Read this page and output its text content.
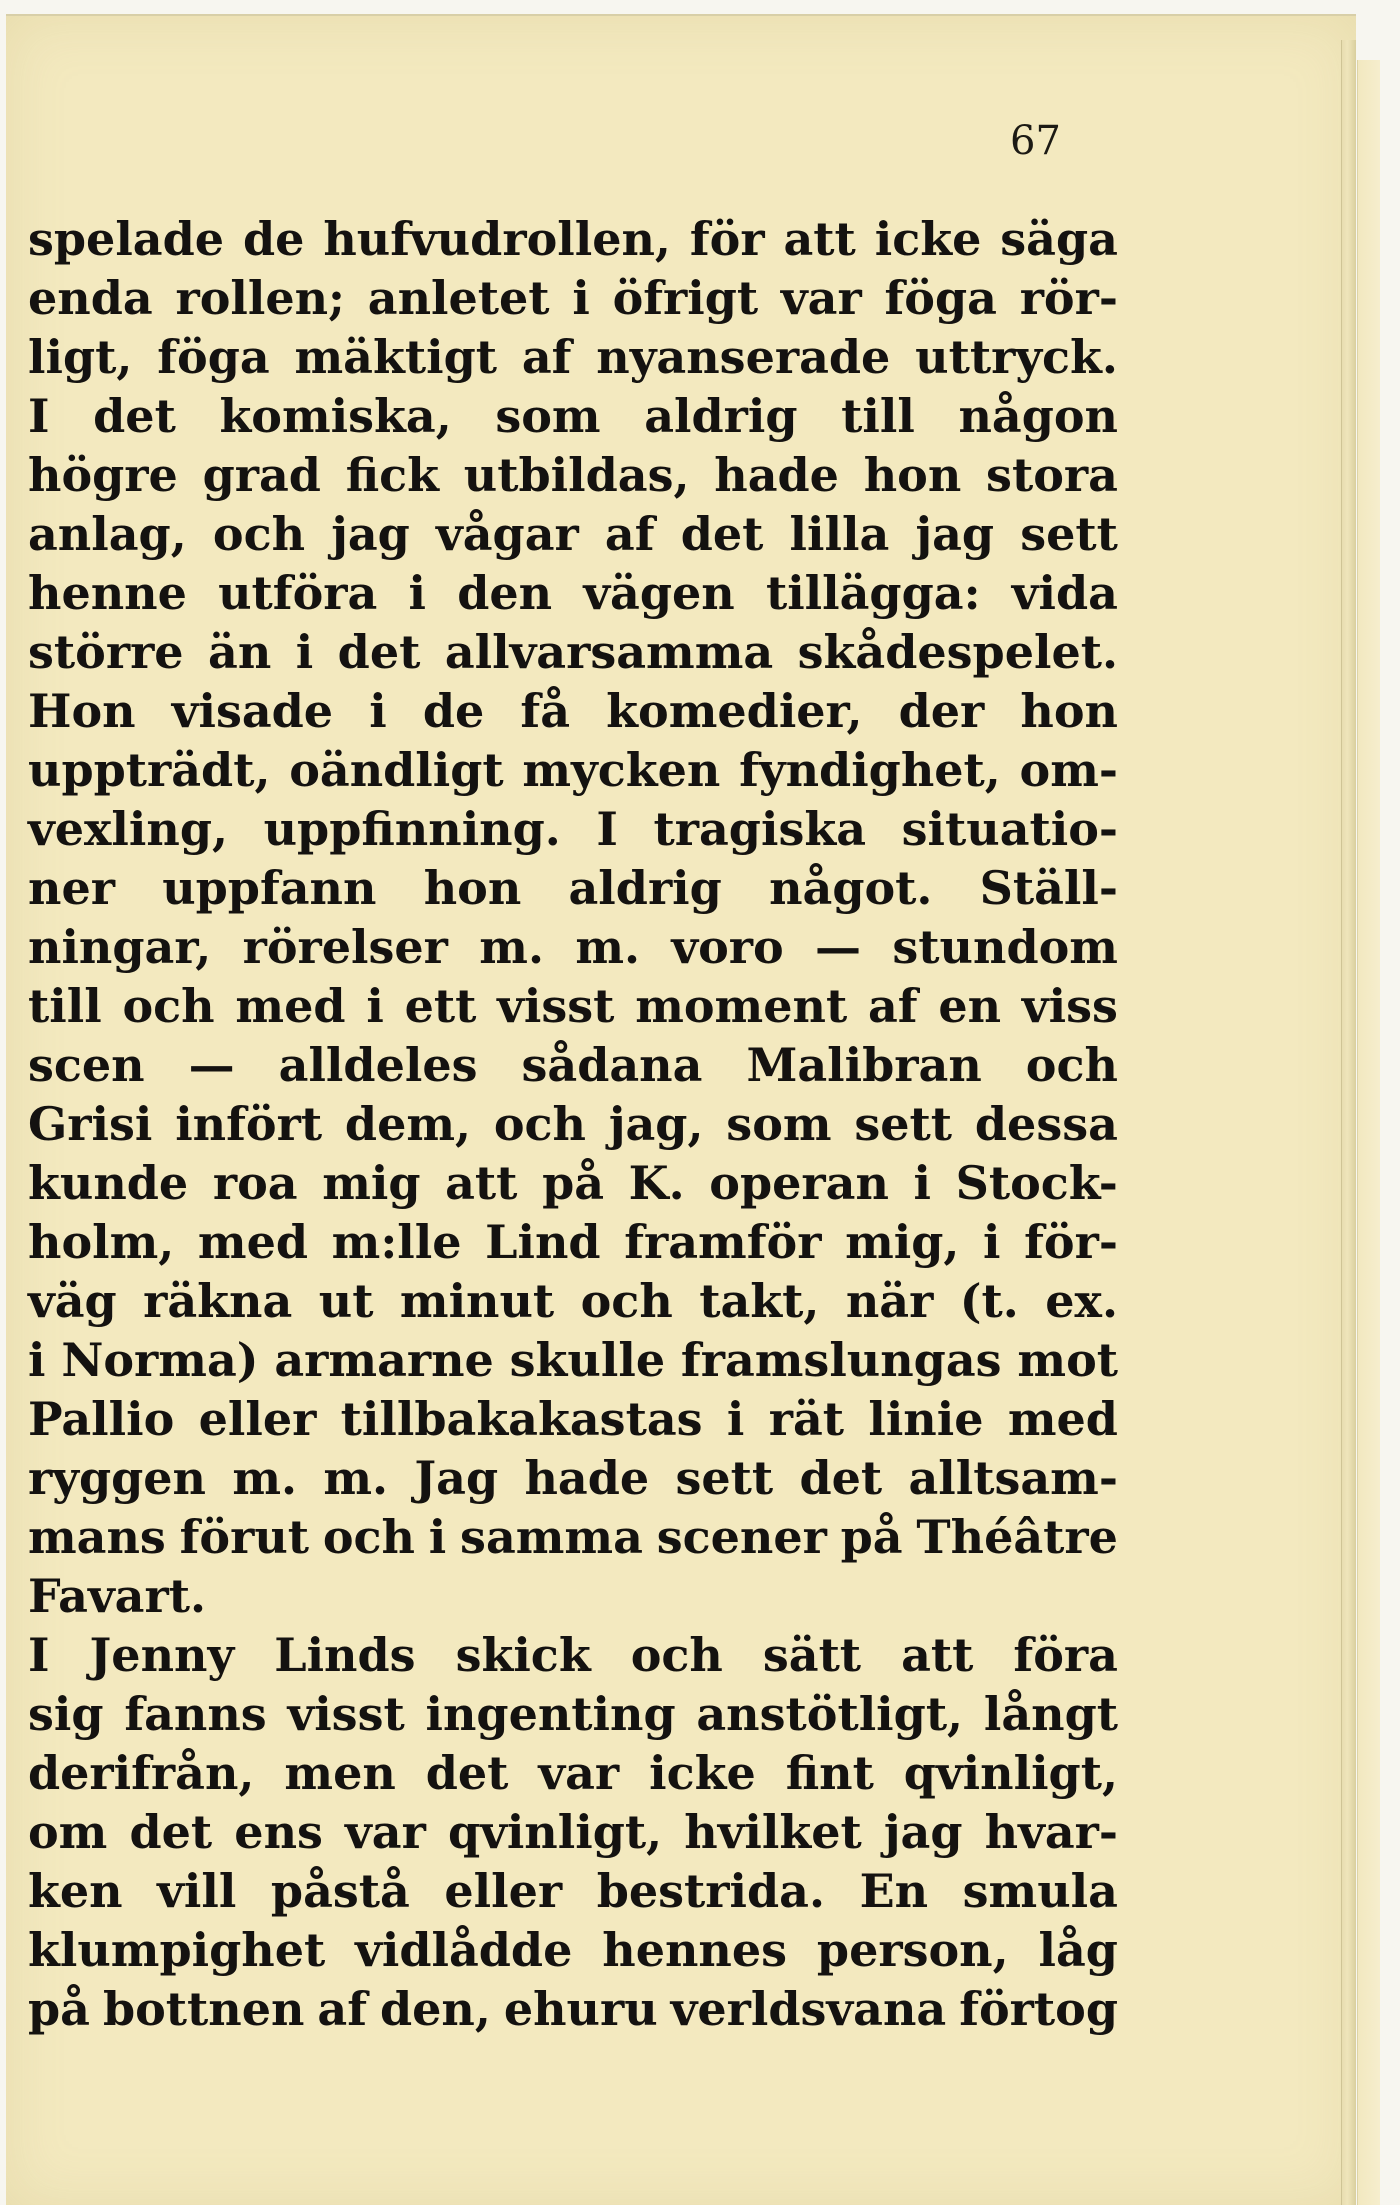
67
spelade de hufvudrollen, för att icke säga
enda rollen; anletet i öfrigt var föga rör-
ligt, föga mäktigt af nyanserade uttryck.
I det komiska, som aldrig till någon
högre grad fick utbildas, hade hon stora
anlag, och jag vågar af det lilla jag sett
henne utföra i den vägen tillägga: vida
större än i det allvarsamma skådespelet.
Hon visade i de få komedier, der hon
uppträdt, oändligt mycken fyndighet, om-
vexling, uppfinning. I tragiska situatio-
ner uppfann hon aldrig något. Ställ-
ningar, rörelser m. m. voro — stundom
till och med i ett visst moment af en viss
scen — alldeles sådana Malibran och
Grisi infört dem, och jag, som sett dessa
kunde roa mig att på K. operan i Stock-
holm, med m:lle Lind framför mig, i för-
väg räkna ut minut och takt, när (t. ex.
i Norma) armarne skulle framslungas mot
Pallio eller tillbakakastas i rät linie med
ryggen m. m. Jag hade sett det alltsam-
mans förut och i samma scener på Théâtre
Favart.
I Jenny Linds skick och sätt att föra
sig fanns visst ingenting anstötligt, långt
derifrån, men det var icke fint qvinligt,
om det ens var qvinligt, hvilket jag hvar-
ken vill påstå eller bestrida. En smula
klumpighet vidlådde hennes person, låg
på bottnen af den, ehuru verldsvana förtog
